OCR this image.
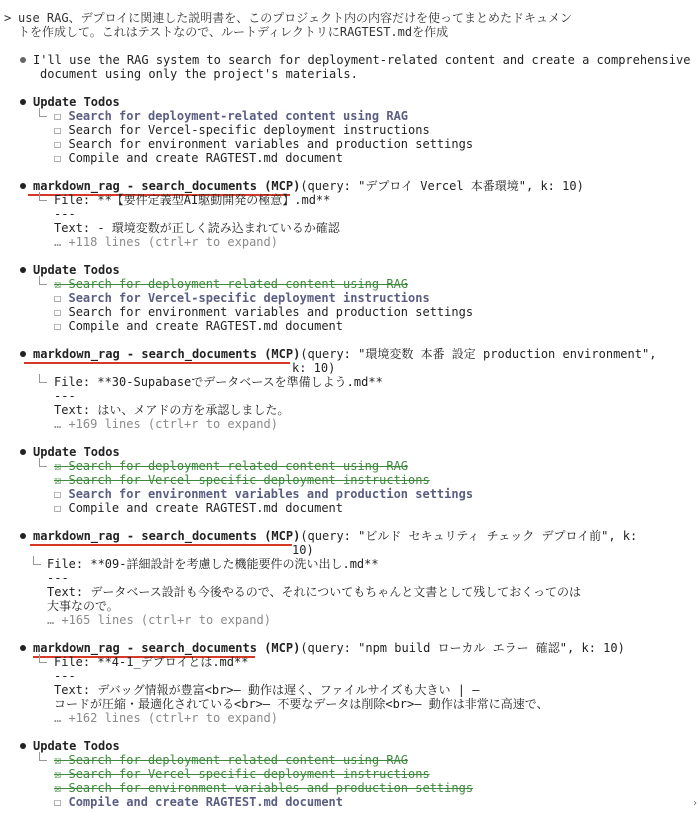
> use RAG、デプロイに関連した説明書を、このプロジェクト内の内容だけを使ってまとめたドキュメン
トを作成して。これはテストなので、ルートディレクトリにRAGTEST.mdを作成
I'll use the RAG system to search for deployment-related content and create a comprehensive
document using only the project's materials.
Update Todos
☐ Search for deployment-related content using RAG
☐ Search for Vercel-specific deployment instructions
☐ Search for environment variables and production settings
☐ Compile and create RAGTEST.md document
markdown_rag - search_documents (MCP)(query: "デプロイ Vercel 本番環境", k: 10)
File: **【要件定義型AI駆動開発の極意】.md**
---
Text: - 環境変数が正しく読み込まれているか確認
… +118 lines (ctrl+r to expand)
Update Todos
☒ Search for deployment-related content using RAG
☐ Search for Vercel-specific deployment instructions
☐ Search for environment variables and production settings
☐ Compile and create RAGTEST.md document
markdown_rag - search_documents (MCP)(query: "環境変数 本番 設定 production environment",
k: 10)
File: **30-Supabaseでデータベースを準備しよう.md**
---
Text: はい、メアドの方を承認しました。
… +169 lines (ctrl+r to expand)
Update Todos
☒ Search for deployment-related content using RAG
☒ Search for Vercel-specific deployment instructions
☐ Search for environment variables and production settings
☐ Compile and create RAGTEST.md document
markdown_rag - search_documents (MCP)(query: "ビルド セキュリティ チェック デプロイ前", k:
10)
File: **09-詳細設計を考慮した機能要件の洗い出し.md**
---
Text: データベース設計も今後やるので、それについてもちゃんと文書として残しておくってのは
大事なので。
… +165 lines (ctrl+r to expand)
markdown_rag - search_documents (MCP)(query: "npm build ローカル エラー 確認", k: 10)
File: **4-1_デプロイとは.md**
---
Text: デバッグ情報が豊富<br>– 動作は遅く、ファイルサイズも大きい | –
コードが圧縮・最適化されている<br>– 不要なデータは削除<br>– 動作は非常に高速で、
… +162 lines (ctrl+r to expand)
Update Todos
☒ Search for deployment-related content using RAG
☒ Search for Vercel-specific deployment instructions
☒ Search for environment variables and production settings
☐ Compile and create RAGTEST.md document	›
